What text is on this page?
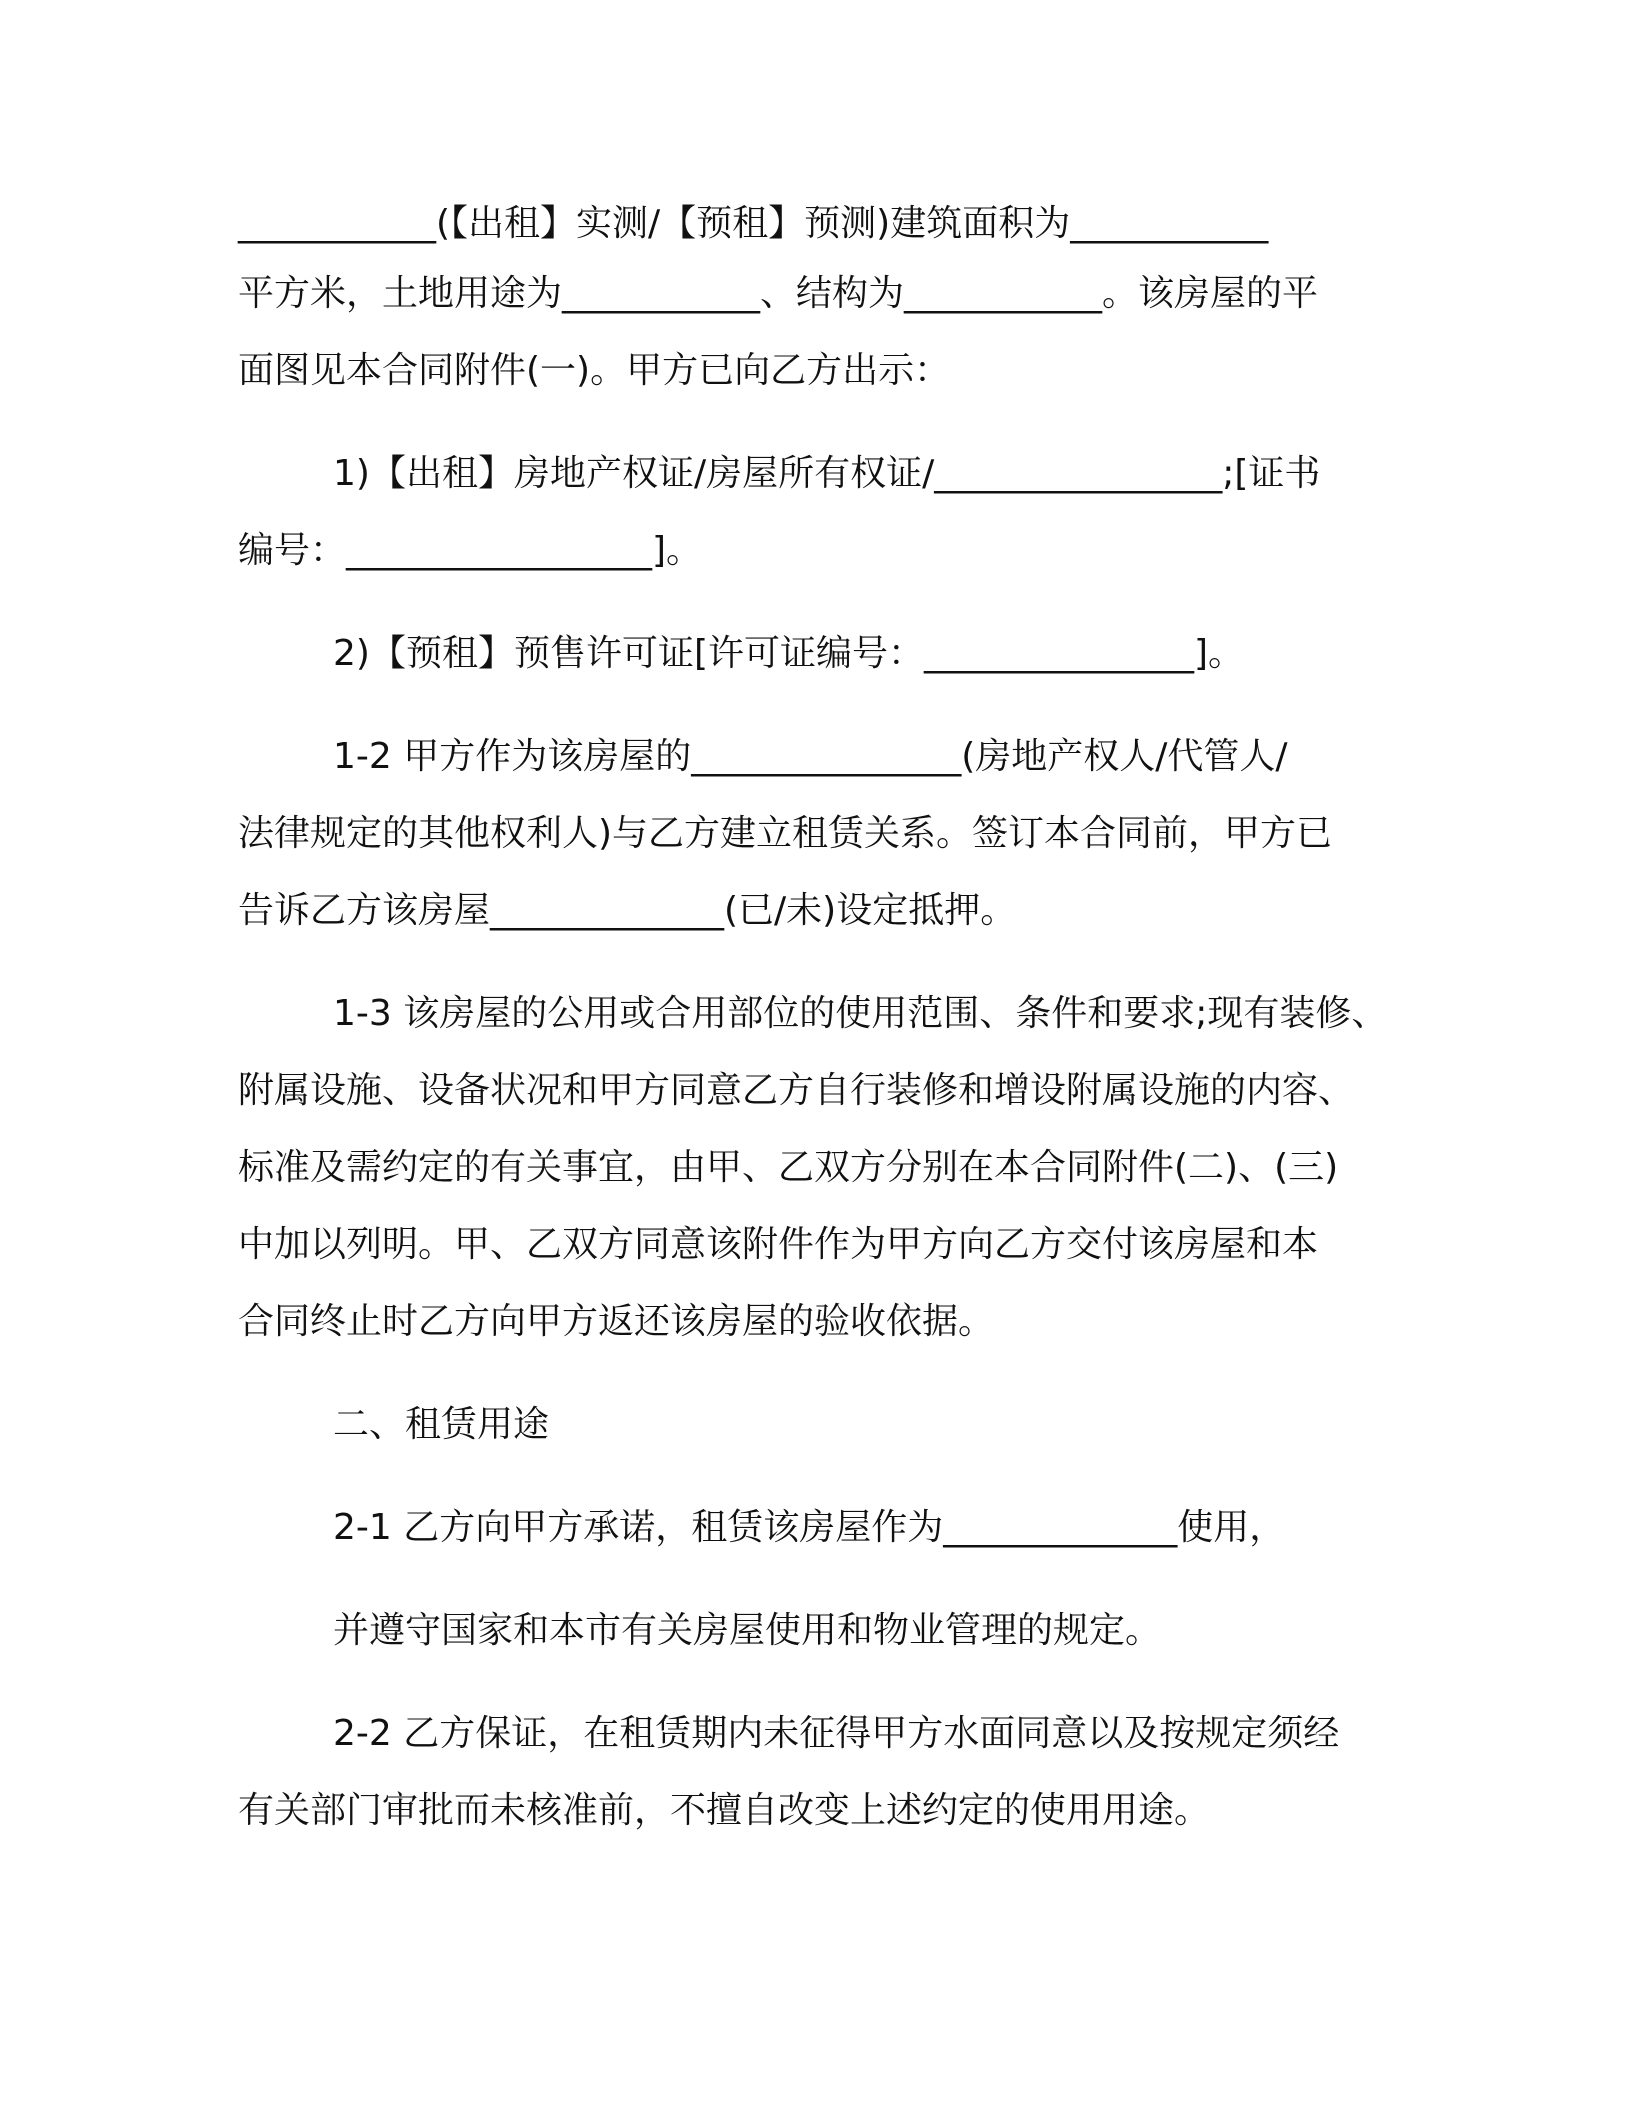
___________(【出租】实测/【预租】预测)建筑面积为___________

平方米，土地用途为___________、结构为___________。该房屋的平

面图见本合同附件(一)。甲方已向乙方出示：

1)【出租】房地产权证/房屋所有权证/________________;[证书

编号：_________________]。

2)【预租】预售许可证[许可证编号：_______________]。

1-2 甲方作为该房屋的_______________(房地产权人/代管人/

法律规定的其他权利人)与乙方建立租赁关系。签订本合同前，甲方已

告诉乙方该房屋_____________(已/未)设定抵押。

1-3 该房屋的公用或合用部位的使用范围、条件和要求;现有装修、

附属设施、设备状况和甲方同意乙方自行装修和增设附属设施的内容、

标准及需约定的有关事宜，由甲、乙双方分别在本合同附件(二)、(三)

中加以列明。甲、乙双方同意该附件作为甲方向乙方交付该房屋和本

合同终止时乙方向甲方返还该房屋的验收依据。

二、租赁用途

2-1 乙方向甲方承诺，租赁该房屋作为_____________使用，

并遵守国家和本市有关房屋使用和物业管理的规定。

2-2 乙方保证，在租赁期内未征得甲方水面同意以及按规定须经

有关部门审批而未核准前，不擅自改变上述约定的使用用途。
